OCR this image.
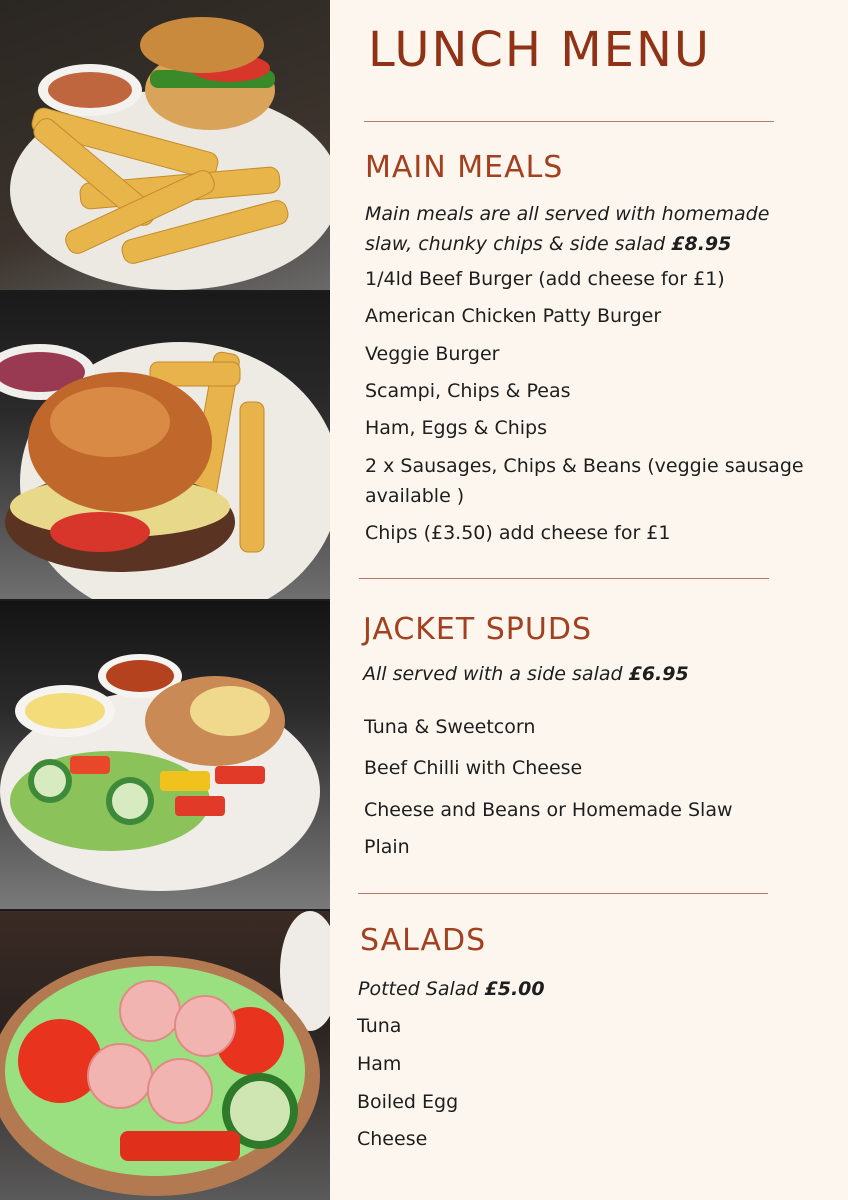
LUNCH MENU
MAIN MEALS

Main meals are all served with homemade slaw, chunky chips & side salad £8.95

1/4ld Beef Burger (add cheese for £1)

American Chicken Patty Burger

Veggie Burger

Scampi, Chips & Peas

Ham, Eggs & Chips

2 x Sausages, Chips & Beans (veggie sausage available )

Chips (£3.50) add cheese for £1

JACKET SPUDS

All served with a side salad £6.95

Tuna & Sweetcorn

Beef Chilli with Cheese

Cheese and Beans or Homemade Slaw

Plain

SALADS

Potted Salad £5.00

Tuna

Ham

Boiled Egg

Cheese
